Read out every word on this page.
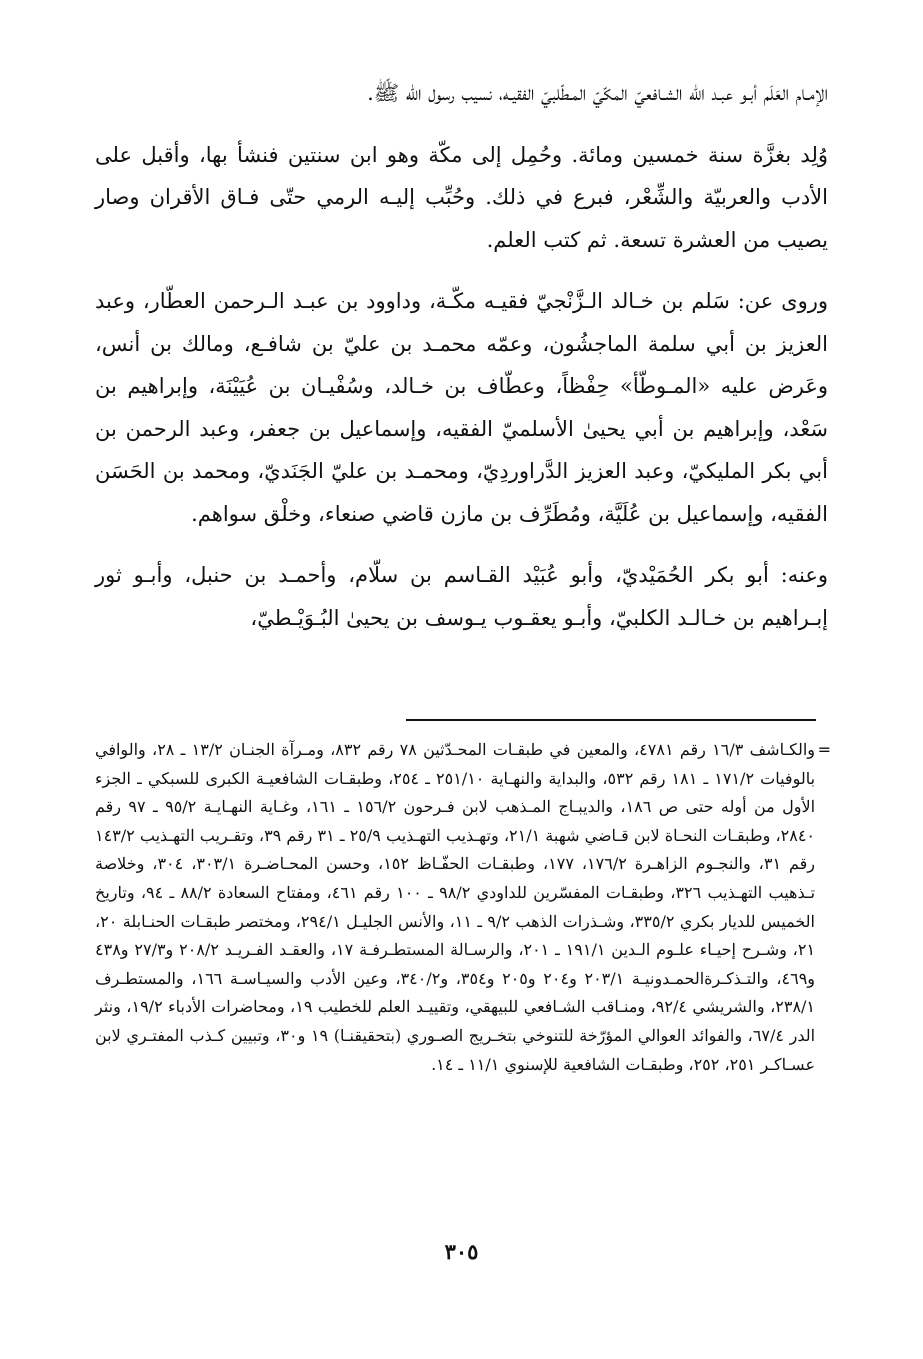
الإمـام العَلَم أبـو عبـد الله الشـافعيّ المكّيّ المـطّلبيّ الفقيـه، نسيب رسول الله ﷺ.

وُلِد بغزَّة سنة خمسين ومائة. وحُمِل إلى مكّة وهو ابن سنتين فنشأ بها، وأقبل على الأدب والعربيّة والشِّعْر، فبرع في ذلك. وحُبِّب إليـه الرمي حتّى فـاق الأقران وصار يصيب من العشرة تسعة. ثم كتب العلم.

وروى عن: سَلم بن خـالد الـزَّنْجيّ فقيـه مكّـة، وداوود بن عبـد الـرحمن العطّار، وعبد العزيز بن أبي سلمة الماجشُون، وعمّه محمـد بن عليّ بن شافـع، ومالك بن أنس، وعَرض عليه «المـوطّأ» حِفْظاً، وعطّاف بن خـالد، وسُفْيـان بن عُيَيْنَة، وإبراهيم بن سَعْد، وإبراهيم بن أبي يحيىٰ الأسلميّ الفقيه، وإسماعيل بن جعفر، وعبد الرحمن بن أبي بكر المليكيّ، وعبد العزيز الدَّراوردِيّ، ومحمـد بن عليّ الجَنَديّ، ومحمد بن الحَسَن الفقيه، وإسماعيل بن عُلَيَّة، ومُطَرِّف بن مازن قاضي صنعاء، وخلْق سواهم.

وعنه: أبو بكر الحُمَيْديّ، وأبو عُبَيْد القـاسم بن سلّام، وأحمـد بن حنبل، وأبـو ثور إبـراهيم بن خـالـد الكلبيّ، وأبـو يعقـوب يـوسف بن يحيىٰ البُـوَيْـطيّ،

=
والكـاشف ١٦/٣ رقم ٤٧٨١، والمعين في طبقـات المحـدّثين ٧٨ رقم ٨٣٢، ومـرآة الجنـان ١٣/٢ ـ ٢٨، والوافي بالوفيات ١٧١/٢ ـ ١٨١ رقم ٥٣٢، والبداية والنهـاية ٢٥١/١٠ ـ ٢٥٤، وطبقـات الشافعيـة الكبرى للسبكي ـ الجزء الأول من أوله حتى ص ١٨٦، والديبـاج المـذهب لابن فـرحون ١٥٦/٢ ـ ١٦١، وغـاية النهـايـة ٩٥/٢ ـ ٩٧ رقم ٢٨٤٠، وطبقـات النحـاة لابن قـاضي شهبة ٢١/١، وتهـذيب التهـذيب ٢٥/٩ ـ ٣١ رقم ٣٩، وتقـريب التهـذيب ١٤٣/٢ رقم ٣١، والنجـوم الزاهـرة ١٧٦/٢، ١٧٧، وطبقـات الحفّـاظ ١٥٢، وحسن المحـاضـرة ٣٠٣/١، ٣٠٤، وخلاصة تـذهيب التهـذيب ٣٢٦، وطبقـات المفسّرين للداودي ٩٨/٢ ـ ١٠٠ رقم ٤٦١، ومفتاح السعادة ٨٨/٢ ـ ٩٤، وتاريخ الخميس للديار بكري ٣٣٥/٢، وشـذرات الذهب ٩/٢ ـ ١١، والأنس الجليـل ٢٩٤/١، ومختصر طبقـات الحنـابلة ٢٠، ٢١، وشـرح إحيـاء علـوم الـدين ١٩١/١ ـ ٢٠١، والرسـالة المستطـرفـة ١٧، والعقـد الفـريـد ٢٠٨/٢ و٢٧/٣ و٤٣٨ و٤٦٩، والتـذكـرةالحمـدونيـة ٢٠٣/١ و٢٠٤ و٢٠٥ و٣٥٤، و٣٤٠/٢، وعين الأدب والسيـاسـة ١٦٦، والمستطـرف ٢٣٨/١، والشريشي ٩٢/٤، ومنـاقب الشـافعي للبيهقي، وتقييـد العلم للخطيب ١٩، ومحاضرات الأدباء ١٩/٢، ونثر الدر ٦٧/٤، والفوائد العوالي المؤرّخة للتنوخي بتخـريج الصـوري (بتحقيقنـا) ١٩ و٣٠، وتبيين كـذب المفتـري لابن عسـاكـر ٢٥١، ٢٥٢، وطبقـات الشافعية للإسنوي ١١/١ ـ ١٤.
٣٠٥
